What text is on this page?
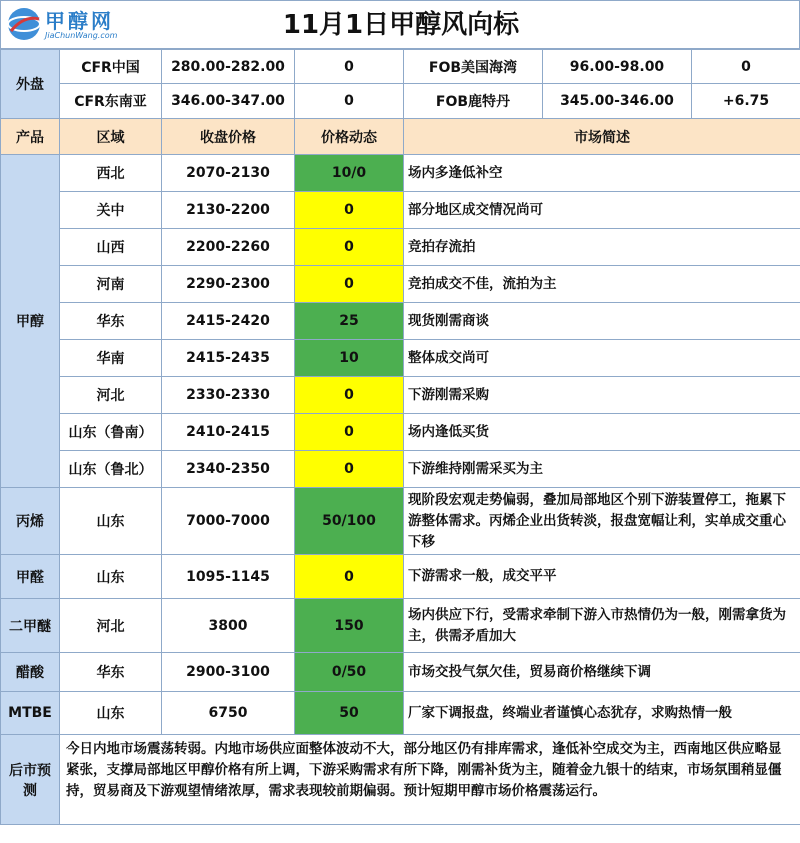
甲醇网
JiaChunWang.com	11月1日甲醇风向标
外盘	CFR中国	280.00-282.00	0	FOB美国海湾	96.00-98.00	0
	CFR东南亚	346.00-347.00	0	FOB鹿特丹	345.00-346.00	+6.75
产品	区域	收盘价格	价格动态	市场简述		
甲醇	西北	2070-2130	10/0	场内多逢低补空		
	关中	2130-2200	0	部分地区成交情况尚可		
	山西	2200-2260	0	竞拍存流拍		
	河南	2290-2300	0	竞拍成交不佳，流拍为主		
	华东	2415-2420	25	现货刚需商谈		
	华南	2415-2435	10	整体成交尚可		
	河北	2330-2330	0	下游刚需采购		
	山东（鲁南）	2410-2415	0	场内逢低买货		
	山东（鲁北）	2340-2350	0	下游维持刚需采买为主		
丙烯	山东	7000-7000	50/100	现阶段宏观走势偏弱，叠加局部地区个别下游装置停工，拖累下游整体需求。丙烯企业出货转淡，报盘宽幅让利，实单成交重心下移		
甲醛	山东	1095-1145	0	下游需求一般，成交平平		
二甲醚	河北	3800	150	场内供应下行，受需求牵制下游入市热情仍为一般，刚需拿货为主，供需矛盾加大		
醋酸	华东	2900-3100	0/50	市场交投气氛欠佳，贸易商价格继续下调		
MTBE	山东	6750	50	厂家下调报盘，终端业者谨慎心态犹存，求购热情一般		
后市预测	今日内地市场震荡转弱。内地市场供应面整体波动不大，部分地区仍有排库需求，逢低补空成交为主，西南地区供应略显紧张，支撑局部地区甲醇价格有所上调，下游采购需求有所下降，刚需补货为主，随着金九银十的结束，市场氛围稍显僵持，贸易商及下游观望情绪浓厚，需求表现较前期偏弱。预计短期甲醇市场价格震荡运行。					
